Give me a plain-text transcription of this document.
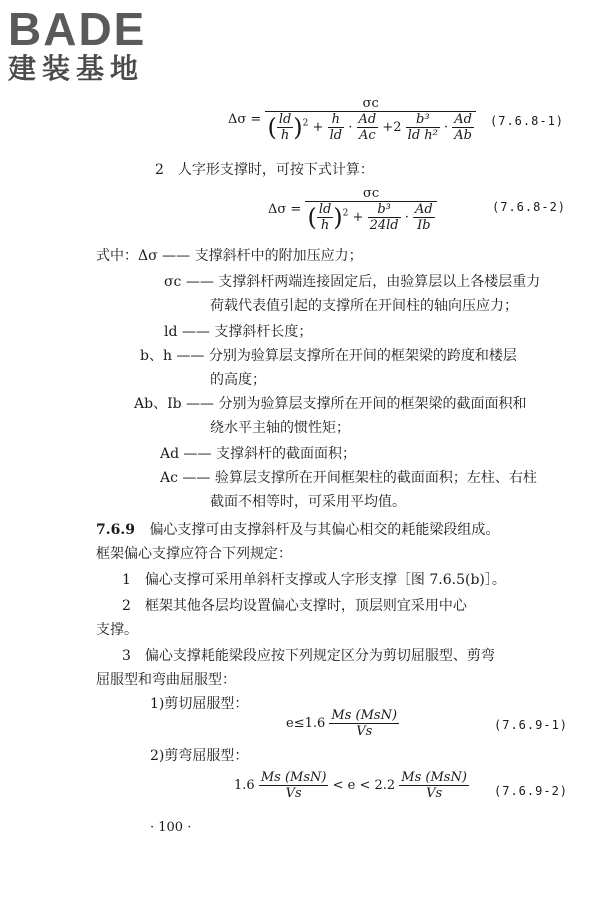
BADE
建装基地
Δσ =
σc
( $\frac{ld}{h} )^2 + \frac{h}{ld} \cdot \frac{Ad}{Ac} +2 \frac{\text{b³}}{\text{ld h²}} \cdot \frac{Ad}{Ab} (7.6.8-1)$
2　人字形支撑时，可按下式计算：
$\Delta\sigma = \frac{\sigma c}{( \frac{ld}{h} )^2 + \frac{\text{b³}}{24ld} \cdot \frac{Ad}{Ib}}$	(7.6.8-2)
式中：Δσ —— 支撑斜杆中的附加压应力；
σc —— 支撑斜杆两端连接固定后，由验算层以上各楼层重力
荷载代表值引起的支撑所在开间柱的轴向压应力；
ld —— 支撑斜杆长度；
b、h —— 分别为验算层支撑所在开间的框架梁的跨度和楼层
的高度；
Ab、Ib —— 分别为验算层支撑所在开间的框架梁的截面面积和
绕水平主轴的惯性矩；
Ad —— 支撑斜杆的截面面积；
Ac —— 验算层支撑所在开间框架柱的截面面积；左柱、右柱
截面不相等时，可采用平均值。
7.6.9 偏心支撑可由支撑斜杆及与其偏心相交的耗能梁段组成。
框架偏心支撑应符合下列规定：
1　偏心支撑可采用单斜杆支撑或人字形支撑［图 7.6.5(b)］。
2　框架其他各层均设置偏心支撑时，顶层则宜采用中心
支撑。
3　偏心支撑耗能梁段应按下列规定区分为剪切屈服型、剪弯
屈服型和弯曲屈服型：
1)剪切屈服型：
$e\le 1.6 \frac{\text{Ms (MsN)}}{Vs}$	(7.6.9-1)
2)剪弯屈服型：
$1.6 \frac{\text{Ms (MsN)}}{Vs} < e < 2.2 \frac{\text{Ms (MsN)}}{Vs} (7.6.9-2)$
· 100 ·
